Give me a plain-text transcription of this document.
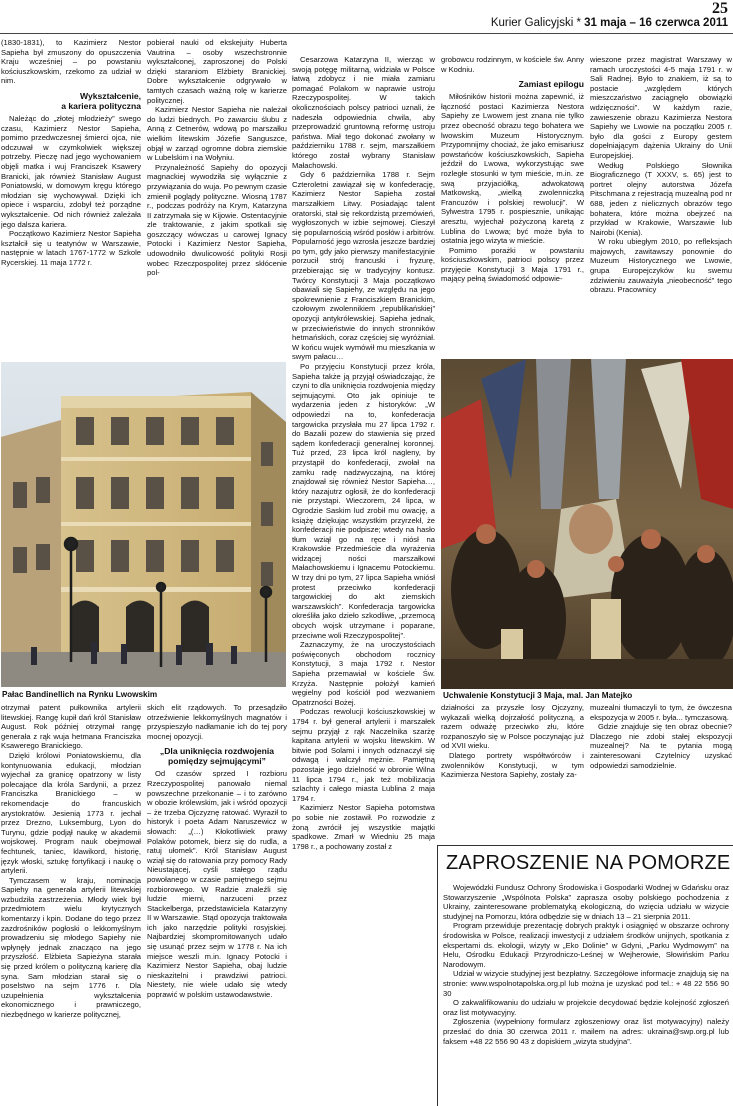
25
Kurier Galicyjski * 31 maja – 16 czerwca 2011

(1830-1831), to Kazimierz Nestor Sapieha był zmuszony do opuszczenia Kraju wcześniej – po powstaniu kościuszkowskim, rzekomo za udział w nim.

Wykształcenie,
a kariera polityczna

Należąc do „złotej młodzieży” swego czasu, Kazimierz Nestor Sapieha, pomimo przedwczesnej śmierci ojca, nie odczuwał w czymkolwiek większej potrzeby. Pieczę nad jego wychowaniem objęli matka i wuj Franciszek Ksawery Branicki, jak również Stanisław August Poniatowski, w domowym kręgu którego młodzian się wychowywał. Dzięki ich opiece i wsparciu, zdobył też porządne wykształcenie. Od nich również zależała jego dalsza kariera.

Początkowo Kazimierz Nestor Sapieha kształcił się u teatynów w Warszawie, następnie w latach 1767-1772 w Szkole Rycerskiej. 11 maja 1772 r.

pobierał nauki od ekskejuity Huberta Vautrina – osoby wszechstronnie wykształconej, zaproszonej do Polski dzięki staraniom Elżbiety Branickiej. Dobre wykształcenie odgrywało w tamtych czasach ważną rolę w karierze politycznej.

Kazimierz Nestor Sapieha nie należał do ludzi biednych. Po zawarciu ślubu z Anną z Cetnerów, wdową po marszałku wielkim litewskim Józefie Sanguszce, objął w zarząd ogromne dobra ziemskie w Lubelskim i na Wołyniu.

Przynależność Sapiehy do opozycji magnackiej wywodziła się wyłącznie z przywiązania do wuja. Po pewnym czasie zmienił poglądy polityczne. Wiosną 1787 r., podczas podróży na Krym, Katarzyna II zatrzymała się w Kijowie. Ostentacyjnie zle traktowanie, z jakim spotkali się goszczący wówczas u carowej Ignacy Potocki i Kazimierz Nestor Sapieha, udowodniło dwulicowość polityki Rosji wobec Rzeczpospolitej przez skłócenie pol-

Pałac Bandinellich na Rynku Lwowskim

Cesarzowa Katarzyna II, wierząc w swoją potęgę militarną, widziała w Polsce łatwą zdobycz i nie miała zamiaru pomagać Polakom w naprawie ustroju Rzeczypospolitej. W takich okolicznościach polscy patrioci uznali, że nadeszła odpowiednia chwila, aby przeprowadzić gruntowną reformę ustroju państwa. Miał tego dokonać zwołany w październiku 1788 r. sejm, marszałkiem którego został wybrany Stanisław Małachowski.

Gdy 6 października 1788 r. Sejm Czteroletni zawiązał się w konfederację, Kazimierz Nestor Sapieha został marszałkiem Litwy. Posiadając talent oratorski, stał się rekordzistą przemówień, wygłoszonych w izbie sejmowej. Cieszył się popularnością wśród posłów i arbitrów. Popularność jego wzrosła jeszcze bardziej po tym, gdy jako pierwszy manifestacyjnie porzucił strój francuski i fryzurę, przebierając się w tradycyjny kontusz. Twórcy Konstytucji 3 Maja początkowo obawiali się Sapiehy, ze względu na jego spokrewnienie z Franciszkiem Branickim, czołowym zwolennikiem „republikańskiej” opozycji antykrólewskiej. Sapieha jednak, w przeciwieństwie do innych stronników hetmańskich, coraz częściej się wyróżniał. W końcu wujek wymówił mu mieszkania w swym pałacu…

Po przyjęciu Konstytucji przez króla, Sapieha także ją przyjął oświadczając, że czyni to dla uniknięcia rozdwojenia między sejmującymi. Oto jak opiniuje te wydarzenia jeden z historyków: „W odpowiedzi na to, konfederacja targowicka przysłała mu 27 lipca 1792 r. do Bazalii pozew do stawienia się przed sądem konfederacji generalnej koronnej. Tuż przed, 23 lipca król nagleny, by przystąpił do konfederacji, zwołał na zamku radę nadzwyczajną, na której znajdował się również Nestor Sapieha…, który nazajutrz ogłosił, że do konfederacji nie przystąpi. Wieczorem, 24 lipca, w Ogrodzie Saskim lud zrobił mu owację, a książę dziękując wszystkim przyrzekł, że konfederacji nie podpisze; wtedy na hasło tłum wziął go na ręce i niósł na Krakowskie Przedmieście dla wyrażenia widzącej ności marszałkowi Małachowskiemu i Ignacemu Potockiemu. W trzy dni po tym, 27 lipca Sapieha wniósł protest przeciwko konfederacji targowickiej do akt ziemskich warszawskich”. Konfederacja targowicka określiła jako dzieło szkodliwe, „przemocą obcych wojsk utrzymane i poparane, przeciwne woli Rzeczypospolitej”.

Zaznaczymy, że na uroczystościach poświęconych obchodom rocznicy Konstytucji, 3 maja 1792 r. Nestor Sapieha przemawiał w kościele Św. Krzyża. Następnie położył kamień węgielny pod kościół pod wezwaniem Opatrzności Bożej.

Podczas rewolucji kościuszkowskiej w 1794 r. był generał artylerii i marszałek sejmu przyjął z rąk Naczelnika szarżę kapitana artylerii w wojsku litewskim. W bitwie pod Solami i innych odznaczył się odwagą i walczył mężnie. Pamiętną pozostaje jego dzielność w obronie Wilna 11 lipca 1794 r., jak też mobilizacja szlachty i całego miasta Lublina 2 maja 1794 r.

Kazimierz Nestor Sapieha potomstwa po sobie nie zostawił. Po rozwodzie z żoną zwrócił jej wszystkie majątki spadkowe. Zmarł w Wiedniu 25 maja 1798 r., a pochowany został z

grobowcu rodzinnym, w kościele św. Anny w Kodniu.

Zamiast epilogu

Miłośników historii można zapewnić, iż łączność postaci Kazimierza Nestora Sapiehy ze Lwowem jest znana nie tylko przez obecność obrazu tego bohatera we lwowskim Muzeum Historycznym. Przypomnijmy chociaż, że jako emisariusz powstańców kościuszkowskich, Sapieha jeździł do Lwowa, wykorzystując swe rozległe stosunki w tym mieście, m.in. ze swą przyjaciółką, adwokatową Matkowską, „wielką zwolenniczką Francuzów i polskiej rewolucji”. W Sylwestra 1795 r. pospiesznie, unikając aresztu, wyjechał pożyczoną karetą z Lublina do Lwowa; być może była to ostatnia jego wizyta w mieście.

Pomimo porażki w powstaniu kościuszkowskim, patrioci polscy przez przyjęcie Konstytucji 3 Maja 1791 r., mający pełną świadomość odpowie-

wieszone przez magistrat Warszawy w ramach uroczystości 4-5 maja 1791 r. w Sali Radnej. Było to znakiem, iż są to postacie „względem których mieszczaństwo zaciągnęło obowiązki wdzięczności”. W każdym razie, zawieszenie obrazu Kazimierza Nestora Sapiehy we Lwowie na początku 2005 r. było dla gości z Europy gestem dopełniającym dążenia Ukrainy do Unii Europejskiej.

Według Polskiego Słownika Biograficznego (T XXXV, s. 65) jest to portret olejny autorstwa Józefa Pitschmana z rejestracją muzealną pod nr 688, jeden z nielicznych obrazów tego bohatera, które można obejrzeć na przykład w Krakowie, Warszawie lub Nairobi (Kenia).

W roku ubiegłym 2010, po refleksjach majowych, zawitawszy ponownie do Muzeum Historycznego we Lwowie, grupa Europejczyków ku swemu zdziwieniu zauważyła „nieobecność” tego obrazu. Pracownicy

Uchwalenie Konstytucji 3 Maja, mal. Jan Matejko

otrzymał patent pułkownika artylerii litewskiej. Rangę kupił dań król Stanisław August. Rok później otrzymał rangę generała z rąk wuja hetmana Franciszka Ksawerego Branickiego.

Dzięki królowi Poniatowskiemu, dla kontynuowania edukacji, młodzian wyjechał za granicę opatrzony w listy polecające dla króla Sardynii, a przez Franciszka Branickiego – w rekomendacje do francuskich arystokratów. Jesienią 1773 r. jechał przez Drezno, Luksemburg, Lyon do Turynu, gdzie podjął naukę w akademii wojskowej. Program nauk obejmował fechtunek, taniec, klawikord, historię, język włoski, sztukę fortyfikacji i naukę o artylerii.

Tymczasem w kraju, nominacja Sapiehy na generała artylerii litewskiej wzbudziła zastrzeżenia. Młody wiek był przedmiotem wielu krytycznych komentarzy i kpin. Dodane do tego przez zazdrośników pogłoski o lekkomyślnym prowadzeniu się młodego Sapiehy nie wpłynęły jednak znacząco na jego przyszłość. Elżbieta Sapieżyna starała się przed królem o polityczną karierę dla syna. Sam młodzian starał się o poselstwo na sejm 1776 r. Dla uzupełnienia wykształcenia ekonomicznego i prawniczego, niezbędnego w karierze politycznej,

skich elit rządowych. To przesądziło otrzeźwienie lekkomyślnych magnatów i przyspieszyło nadłamanie ich do tej pory mocnej opozycji.

„Dla uniknięcia rozdwojenia
pomiędzy sejmującymi”

Od czasów sprzed I rozbioru Rzeczypospolitej panowało niemal powszechne przekonanie – i to zarówno w obozie królewskim, jak i wśród opozycji – że trzeba Ojczyznę ratować. Wyraził to historyk i poeta Adam Naruszewicz w słowach: „(…) Kłokotliwiek prawy Polaków potomek, bierz się do rudla, a ratuj ułomek”. Król Stanisław August wziął się do ratowania przy pomocy Rady Nieustającej, cyśli stałego rządu powołanego w czasie pamiętnego sejmu rozbiorowego. W Radzie znaleźli się ludzie mierni, narzuceni przez Stackelberga, przedstawiciela Katarzyny II w Warszawie. Stąd opozycja traktowała ich jako narzędzie polityki rosyjskiej. Najbardziej skompromitowanych udało się usunąć przez sejm w 1778 r. Na ich miejsce weszli m.in. Ignacy Potocki i Kazimierz Nestor Sapieha, obaj ludzie nieskazitelni i prawdziwi patrioci. Niestety, nie wiele udało się wtedy poprawić w polskim ustawodawstwie.

działności za przyszłe losy Ojczyzny, wykazali wielką dojrzałość polityczną, a razem odważę przeciwko złu, które rozpanoszyło się w Polsce poczynając już od XVII wieku.

Dlatego portrety współtwórców i zwolenników Konstytucji, w tym Kazimierza Nestora Sapiehy, zostały za-

muzealni tłumaczyli to tym, że ówczesna ekspozycja w 2005 r. była... tymczasową.

Gdzie znajduje się ten obraz obecnie? Dlaczego nie zdobi stałej ekspozycji muzealnej? Na te pytania mogą zainteresowani Czytelnicy uzyskać odpowiedzi samodzielnie.

ZAPROSZENIE NA POMORZE

Wojewódzki Fundusz Ochrony Środowiska i Gospodarki Wodnej w Gdańsku oraz Stowarzyszenie „Wspólnota Polska” zaprasza osoby polskiego pochodzenia z Ukrainy, zainteresowane problematyką ekologiczną, do wzięcia udziału w wizycie studyjnej na Pomorzu, która odbędzie się w dniach 13 – 21 sierpnia 2011.

Program przewiduje prezentację dobrych praktyk i osiągnięć w obszarze ochrony środowiska w Polsce, realizacji inwestycji z udziałem środków unijnych, spotkania z ekspertami ds. ekologii, wizyty w „Eko Dolinie” w Gdyni, „Parku Wydmowym” na Helu, Ośrodku Edukacji Przyrodniczo-Leśnej w Wejherowie, Słowińskim Parku Narodowym.

Udział w wizycie studyjnej jest bezpłatny. Szczegółowe informacje znajdują się na stronie: www.wspolnotapolska.org.pl lub można je uzyskać pod tel.: + 48 22 556 90 30

O zakwalifikowaniu do udziału w projekcie decydować będzie kolejność zgłoszeń oraz list motywacyjny.

Zgłoszenia (wypełniony formularz zgłoszeniowy oraz list motywacyjny) należy przesłać do dnia 30 czerwca 2011 r. mailem na adres: ukraina@swp.org.pl lub faksem +48 22 556 90 43 z dopiskiem „wizyta studyjna”.
